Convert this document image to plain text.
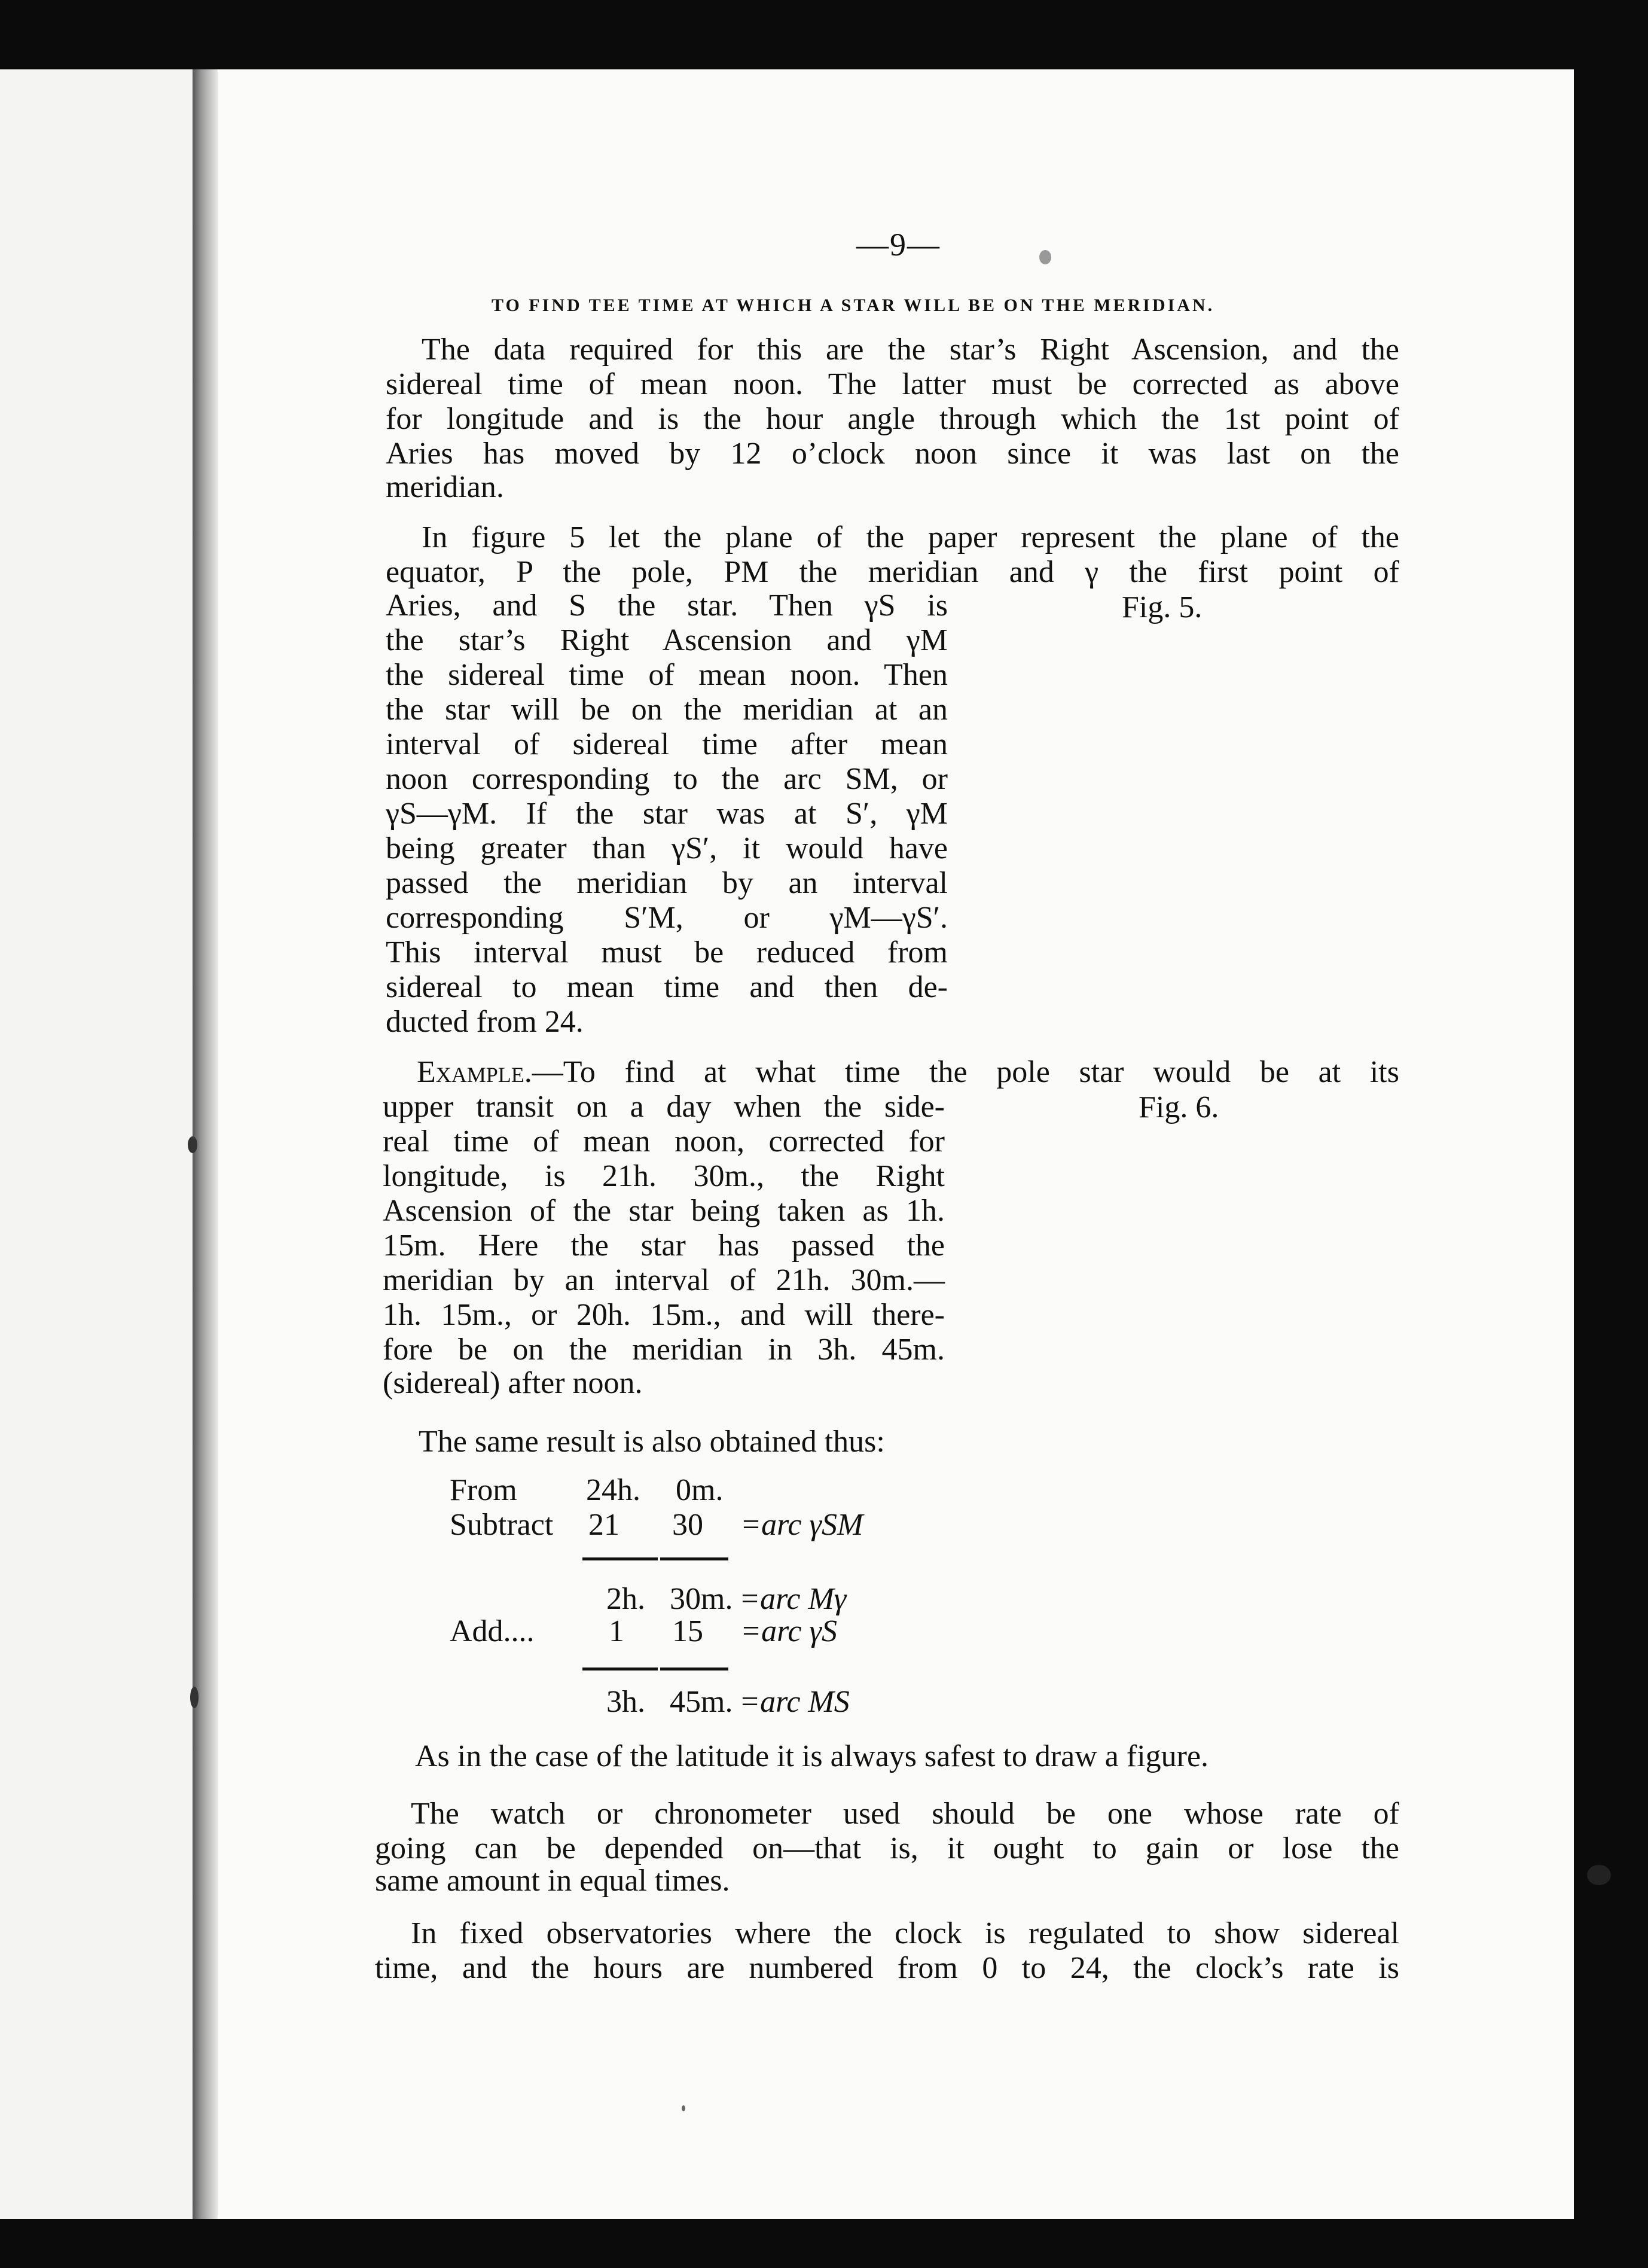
—9—
TO FIND TEE TIME AT WHICH A STAR WILL BE ON THE MERIDIAN.
The data required for this are the star’s Right Ascension, and the
sidereal time of mean noon. The latter must be corrected as above
for longitude and is the hour angle through which the 1st point of
Aries has moved by 12 o’clock noon since it was last on the
meridian.
In figure 5 let the plane of the paper represent the plane of the
equator, P the pole, PM the meridian and γ the first point of
Aries, and S the star. Then γS is
the star’s Right Ascension and γM
the sidereal time of mean noon. Then
the star will be on the meridian at an
interval of sidereal time after mean
noon corresponding to the arc SM, or
γS—γM. If the star was at S′, γM
being greater than γS′, it would have
passed the meridian by an interval
corresponding S′M, or γM—γS′.
This interval must be reduced from
sidereal to mean time and then de-
ducted from 24.
Fig. 5.
Example.—To find at what time the pole star would be at its
upper transit on a day when the side-
real time of mean noon, corrected for
longitude, is 21h. 30m., the Right
Ascension of the star being taken as 1h.
15m. Here the star has passed the
meridian by an interval of 21h. 30m.—
1h. 15m., or 20h. 15m., and will there-
fore be on the meridian in 3h. 45m.
(sidereal) after noon.
Fig. 6.
The same result is also obtained thus:
From 24h. 0m.
Subtract 21 30 =arc γSM
2h. 30m. =arc Mγ
Add.... 1 15 =arc γS
3h. 45m. =arc MS
As in the case of the latitude it is always safest to draw a figure.
The watch or chronometer used should be one whose rate of
going can be depended on—that is, it ought to gain or lose the
same amount in equal times.
In fixed observatories where the clock is regulated to show sidereal
time, and the hours are numbered from 0 to 24, the clock’s rate is
